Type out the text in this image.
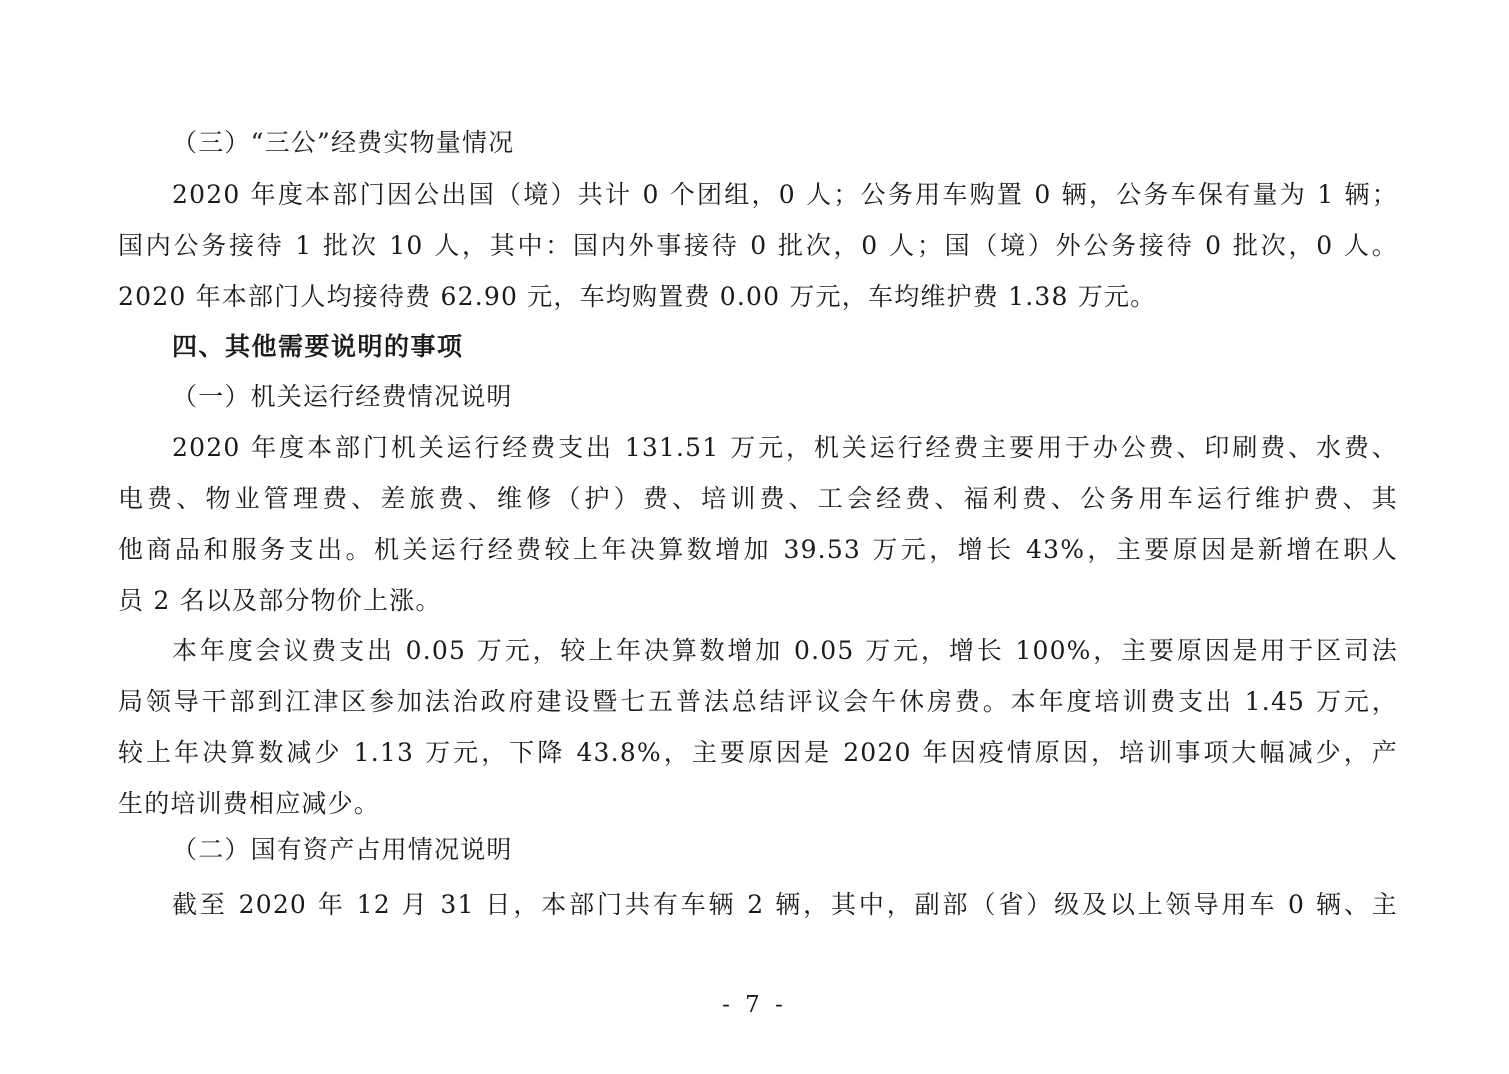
（三）“三公”经费实物量情况
2020 年度本部门因公出国（境）共计 0 个团组，0 人；公务用车购置 0 辆，公务车保有量为 1 辆；
国内公务接待 1 批次 10 人，其中：国内外事接待 0 批次，0 人；国（境）外公务接待 0 批次，0 人。
2020 年本部门人均接待费 62.90 元，车均购置费 0.00 万元，车均维护费 1.38 万元。
四、其他需要说明的事项
（一）机关运行经费情况说明
2020 年度本部门机关运行经费支出 131.51 万元，机关运行经费主要用于办公费、印刷费、水费、
电费、物业管理费、差旅费、维修（护）费、培训费、工会经费、福利费、公务用车运行维护费、其
他商品和服务支出。机关运行经费较上年决算数增加 39.53 万元，增长 43%，主要原因是新增在职人
员 2 名以及部分物价上涨。
本年度会议费支出 0.05 万元，较上年决算数增加 0.05 万元，增长 100%，主要原因是用于区司法
局领导干部到江津区参加法治政府建设暨七五普法总结评议会午休房费。本年度培训费支出 1.45 万元，
较上年决算数减少 1.13 万元，下降 43.8%，主要原因是 2020 年因疫情原因，培训事项大幅减少，产
生的培训费相应减少。
（二）国有资产占用情况说明
截至 2020 年 12 月 31 日，本部门共有车辆 2 辆，其中，副部（省）级及以上领导用车 0 辆、主
- 7 -
